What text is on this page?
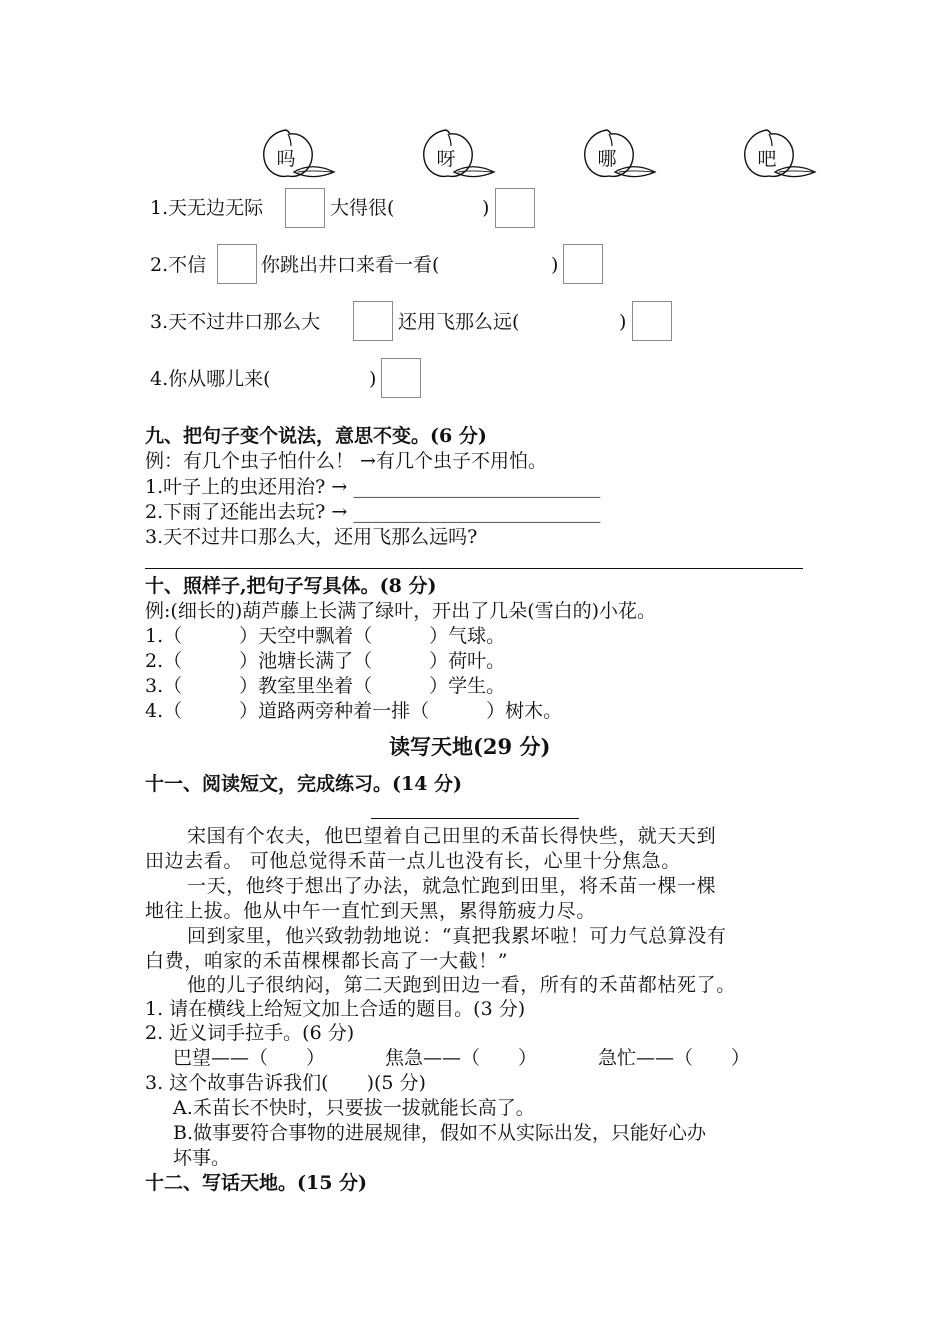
吗	呀	哪	吧
1.天无边无际	大得很(	)
2.不信	你跳出井口来看一看(	)
3.天不过井口那么大	还用飞那么远(	)
4.你从哪儿来(	)
九、把句子变个说法，意思不变。(6 分)
例：有几个虫子怕什么！ →有几个虫子不用怕。
1.叶子上的虫还用治? → __________________________
2.下雨了还能出去玩? → __________________________
3.天不过井口那么大，还用飞那么远吗?
十、照样子,把句子写具体。(8 分)
例:(细长的)葫芦藤上长满了绿叶，开出了几朵(雪白的)小花。
1.（　　　）天空中飘着（　　　）气球。
2.（　　　）池塘长满了（　　　）荷叶。
3.（　　　）教室里坐着（　　　）学生。
4.（　　　）道路两旁种着一排（　　　）树木。
读写天地(29 分)
十一、阅读短文，完成练习。(14 分)
宋国有个农夫，他巴望着自己田里的禾苗长得快些，就天天到
田边去看。 可他总觉得禾苗一点儿也没有长，心里十分焦急。
一天，他终于想出了办法，就急忙跑到田里，将禾苗一棵一棵
地往上拔。他从中午一直忙到天黑，累得筋疲力尽。
回到家里，他兴致勃勃地说：“真把我累坏啦！可力气总算没有
白费，咱家的禾苗棵棵都长高了一大截！”
他的儿子很纳闷，第二天跑到田边一看，所有的禾苗都枯死了。
1. 请在横线上给短文加上合适的题目。(3 分)
2. 近义词手拉手。(6 分)
巴望——（　　）	焦急——（　　）	急忙——（　　）
3. 这个故事告诉我们(　　)(5 分)
A.禾苗长不快时，只要拔一拔就能长高了。
B.做事要符合事物的进展规律，假如不从实际出发，只能好心办
坏事。
十二、写话天地。(15 分)
